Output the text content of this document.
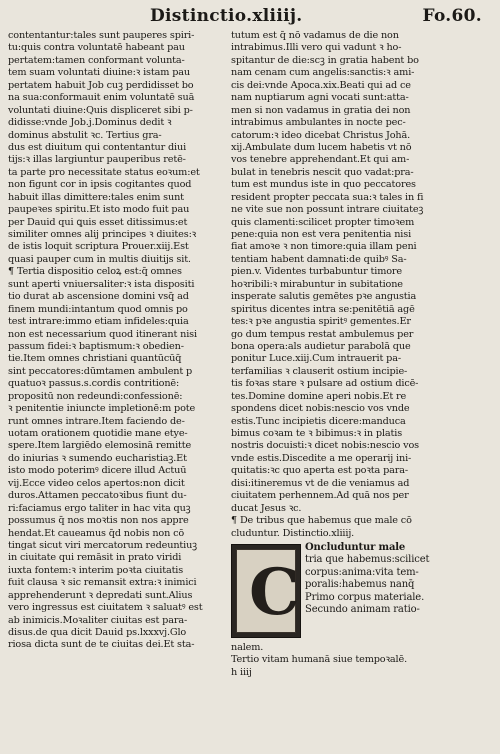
Distinctio.xliiij.	Fo.60.
contentantur:tales sunt pauperes spiri-
tu:quis contra voluntatē habeant pau
pertatem:tamen conformant volunta-
tem suam voluntati diuine:ꝛ istam pau
pertatem habuit Job cuꝫ perdidisset bo
na sua:conformauit enim voluntatē suā
voluntati diuine:Quis displiceret sibi p-
didisse:vnde Job.j.Dominus dedit ꝛ
dominus abstulit ꝛc. Tertius gra-
dus est diuitum qui contentantur diui
tijs:ꝛ illas largiuntur pauperibus retē-
ta parte pro necessitate status eoꝛum:et
non figunt cor in ipsis cogitantes quod
habuit illas dimittere:tales enim sunt
paupeꝛes spiritu.Et isto modo fuit pau
per Dauid qui ꝗuis esset ditissimus:et
similiter omnes alij principes ꝛ diuites:ꝛ
de istis loquit scriptura Prouer.xiij.Est
quasi pauper cum in multis diuitijs sit.
¶ Tertia dispositio celoꝝ est:q̄ omnes
sunt aperti vniuersaliter:ꝛ ista dispositi
tio durat ab ascensione domini vsq̄ ad
finem mundi:intantum quod omnis po
test intrare:immo etiam infideles:quia
non est necessarium quod itinerant nisi
passum fidei:ꝛ baptismum:ꝛ obedien-
tie.Item omnes christiani quantūcūq̄
sint peccatores:dūmtamen ambulent p
quatuoꝛ passus.s.cordis contritionē:
propositū non redeundi:confessionē:
ꝛ penitentie iniuncte impletionē:m pote
runt omnes intrare.Item faciendo de-
uotam orationem quotidie mane etye-
spere.Item largiēdo elemosinā remitte
do iniurias ꝛ sumendo eucharistiaꝫ.Et
isto modo poterimꝰ dicere illud Actuū
vij.Ecce video celos apertos:non dicit
duros.Attamen peccatoꝛibus fiunt du-
ri:faciamus ergo taliter in hac vita quꝫ
possumus q̄ nos moꝛtis non nos appre
hendat.Et caueamus q̄d nobis non cō
tingat sicut viri mercatorum redeuntiuꝫ
in ciuitate qui remāsit in prato viridi
iuxta fontem:ꝛ interim poꝛta ciuitatis
fuit clausa ꝛ sic remansit extra:ꝛ inimici
apprehenderunt ꝛ depredati sunt.Alius
vero ingressus est ciuitatem ꝛ saluatꝰ est
ab inimicis.Moꝛaliter ciuitas est para-
disus.de qua dicit Dauid ps.lxxxvj.Glo
riosa dicta sunt de te ciuitas dei.Et sta-
tutum est q̄ nō vadamus de die non
intrabimus.Illi vero qui vadunt ꝛ ho-
spitantur de die:scꝫ in gratia habent bo
nam cenam cum angelis:sanctis:ꝛ ami-
cis dei:vnde Apoca.xix.Beati qui ad ce
nam nuptiarum agni vocati sunt:atta-
men si non vadamus in gratia dei non
intrabimus ambulantes in nocte pec-
catorum:ꝛ ideo dicebat Christus Johā.
xij.Ambulate dum lucem habetis vt nō
vos tenebre apprehendant.Et qui am-
bulat in tenebris nescit quo vadat:pra-
tum est mundus iste in quo peccatores
resident propter peccata sua:ꝛ tales in fi
ne vite sue non possunt intrare ciuitateꝫ
quis clamenti:scilicet propter timoꝛem
pene:quia non est vera penitentia nisi
fiat amoꝛe ꝛ non timore:quia illam peni
tentiam habent damnati:de quibꝰ Sa-
pien.v. Videntes turbabuntur timore
hoꝛribili:ꝛ mirabuntur in subitatione
insperate salutis gemētes pꝛe angustia
spiritus dicentes intra se:penitētiā agē
tes:ꝛ pꝛe angustia spiritꝰ gementes.Er
go dum tempus restat ambulemus per
bona opera:als audietur parabolā que
ponitur Luce.xiij.Cum intrauerit pa-
terfamilias ꝛ clauserit ostium incipie-
tis foꝛas stare ꝛ pulsare ad ostium dicē-
tes.Domine domine aperi nobis.Et re
spondens dicet nobis:nescio vos vnde
estis.Tunc incipietis dicere:manduca
bimus coꝛam te ꝛ bibimus:ꝛ in platis
nostris docuisti:ꝛ dicet nobis:nescio vos
vnde estis.Discedite a me operarij ini-
quitatis:ꝛc quo aperta est poꝛta para-
disi:itineremus vt de die veniamus ad
ciuitatem perhennem.Ad quā nos per
ducat Jesus ꝛc.
¶ De tribus que habemus que male cō
cluduntur. Distinctio.xliiij.
C
Oncluduntur male
tria que habemus:scilicet
corpus:anima:vita tem-
poralis:habemus nanq̄
Primo corpus materiale.
Secundo animam ratio-
nalem.
Tertio vitam humanā siue tempoꝛalē.
h iiij
